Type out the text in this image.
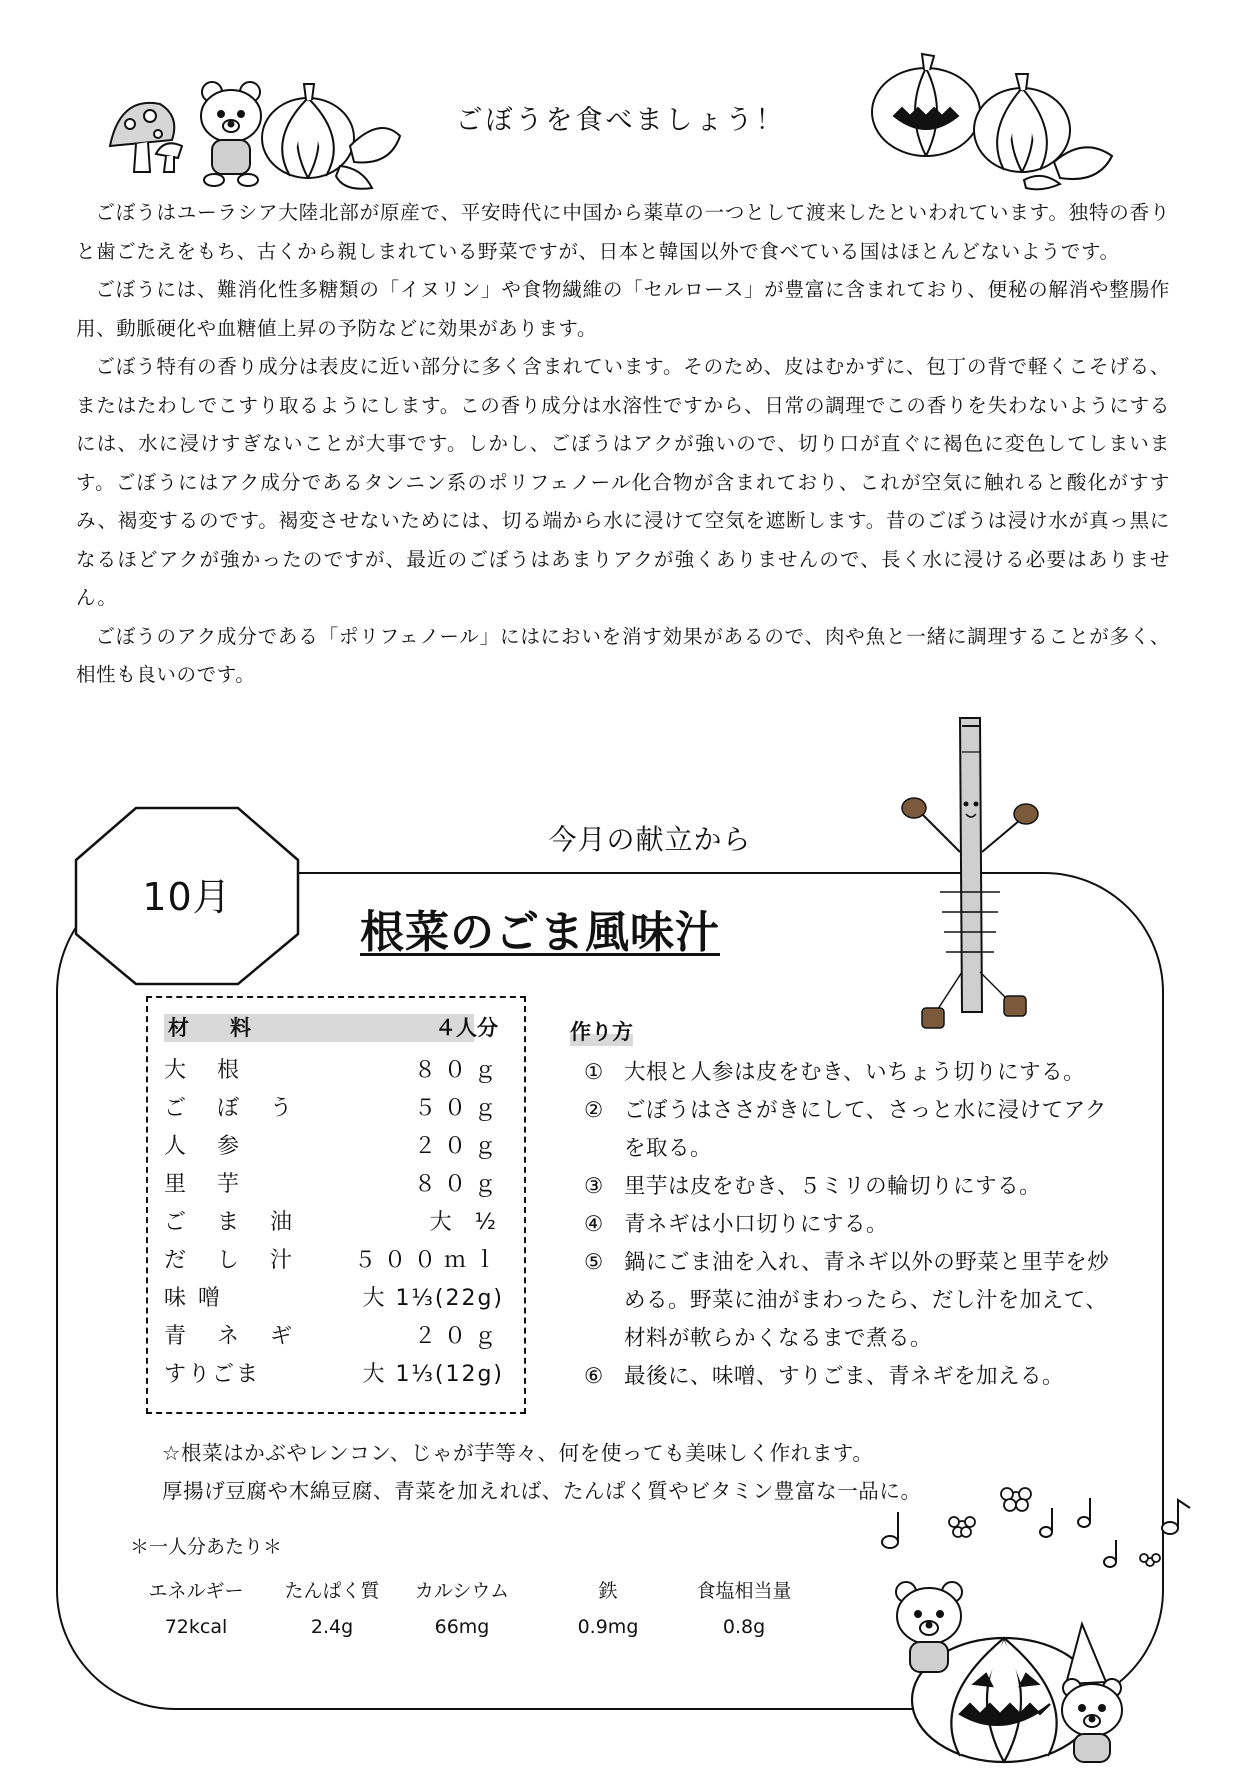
ごぼうを食べましょう！

ごぼうはユーラシア大陸北部が原産で、平安時代に中国から薬草の一つとして渡来したといわれています。独特の香りと歯ごたえをもち、古くから親しまれている野菜ですが、日本と韓国以外で食べている国はほとんどないようです。

ごぼうには、難消化性多糖類の「イヌリン」や食物繊維の「セルロース」が豊富に含まれており、便秘の解消や整腸作用、動脈硬化や血糖値上昇の予防などに効果があります。

ごぼう特有の香り成分は表皮に近い部分に多く含まれています。そのため、皮はむかずに、包丁の背で軽くこそげる、またはたわしでこすり取るようにします。この香り成分は水溶性ですから、日常の調理でこの香りを失わないようにするには、水に浸けすぎないことが大事です。しかし、ごぼうはアクが強いので、切り口が直ぐに褐色に変色してしまいます。ごぼうにはアク成分であるタンニン系のポリフェノール化合物が含まれており、これが空気に触れると酸化がすすみ、褐変するのです。褐変させないためには、切る端から水に浸けて空気を遮断します。昔のごぼうは浸け水が真っ黒になるほどアクが強かったのですが、最近のごぼうはあまりアクが強くありませんので、長く水に浸ける必要はありません。

ごぼうのアク成分である「ポリフェノール」にはにおいを消す効果があるので、肉や魚と一緒に調理することが多く、相性も良いのです。

今月の献立から
10月
根菜のごま風味汁
材　料	４人分
大 根	８０ｇ
ご ぼ う	５０ｇ
人 参	２０ｇ
里 芋	８０ｇ
ご ま 油	大 ½
だ し 汁 ５００ｍｌ
味噌	大 1⅓(22g)
青 ネ ギ	２０ｇ
すりごま	大 1⅓(12g)
作り方
① 大根と人参は皮をむき、いちょう切りにする。
② ごぼうはささがきにして、さっと水に浸けてアクを取る。
③ 里芋は皮をむき、５ミリの輪切りにする。
④ 青ネギは小口切りにする。
⑤ 鍋にごま油を入れ、青ネギ以外の野菜と里芋を炒める。野菜に油がまわったら、だし汁を加えて、材料が軟らかくなるまで煮る。
⑥ 最後に、味噌、すりごま、青ネギを加える。
☆根菜はかぶやレンコン、じゃが芋等々、何を使っても美味しく作れます。
厚揚げ豆腐や木綿豆腐、青菜を加えれば、たんぱく質やビタミン豊富な一品に。
＊一人分あたり＊
エネルギー	たんぱく質	カルシウム	鉄	食塩相当量
72kcal	2.4g	66mg	0.9mg	0.8g
